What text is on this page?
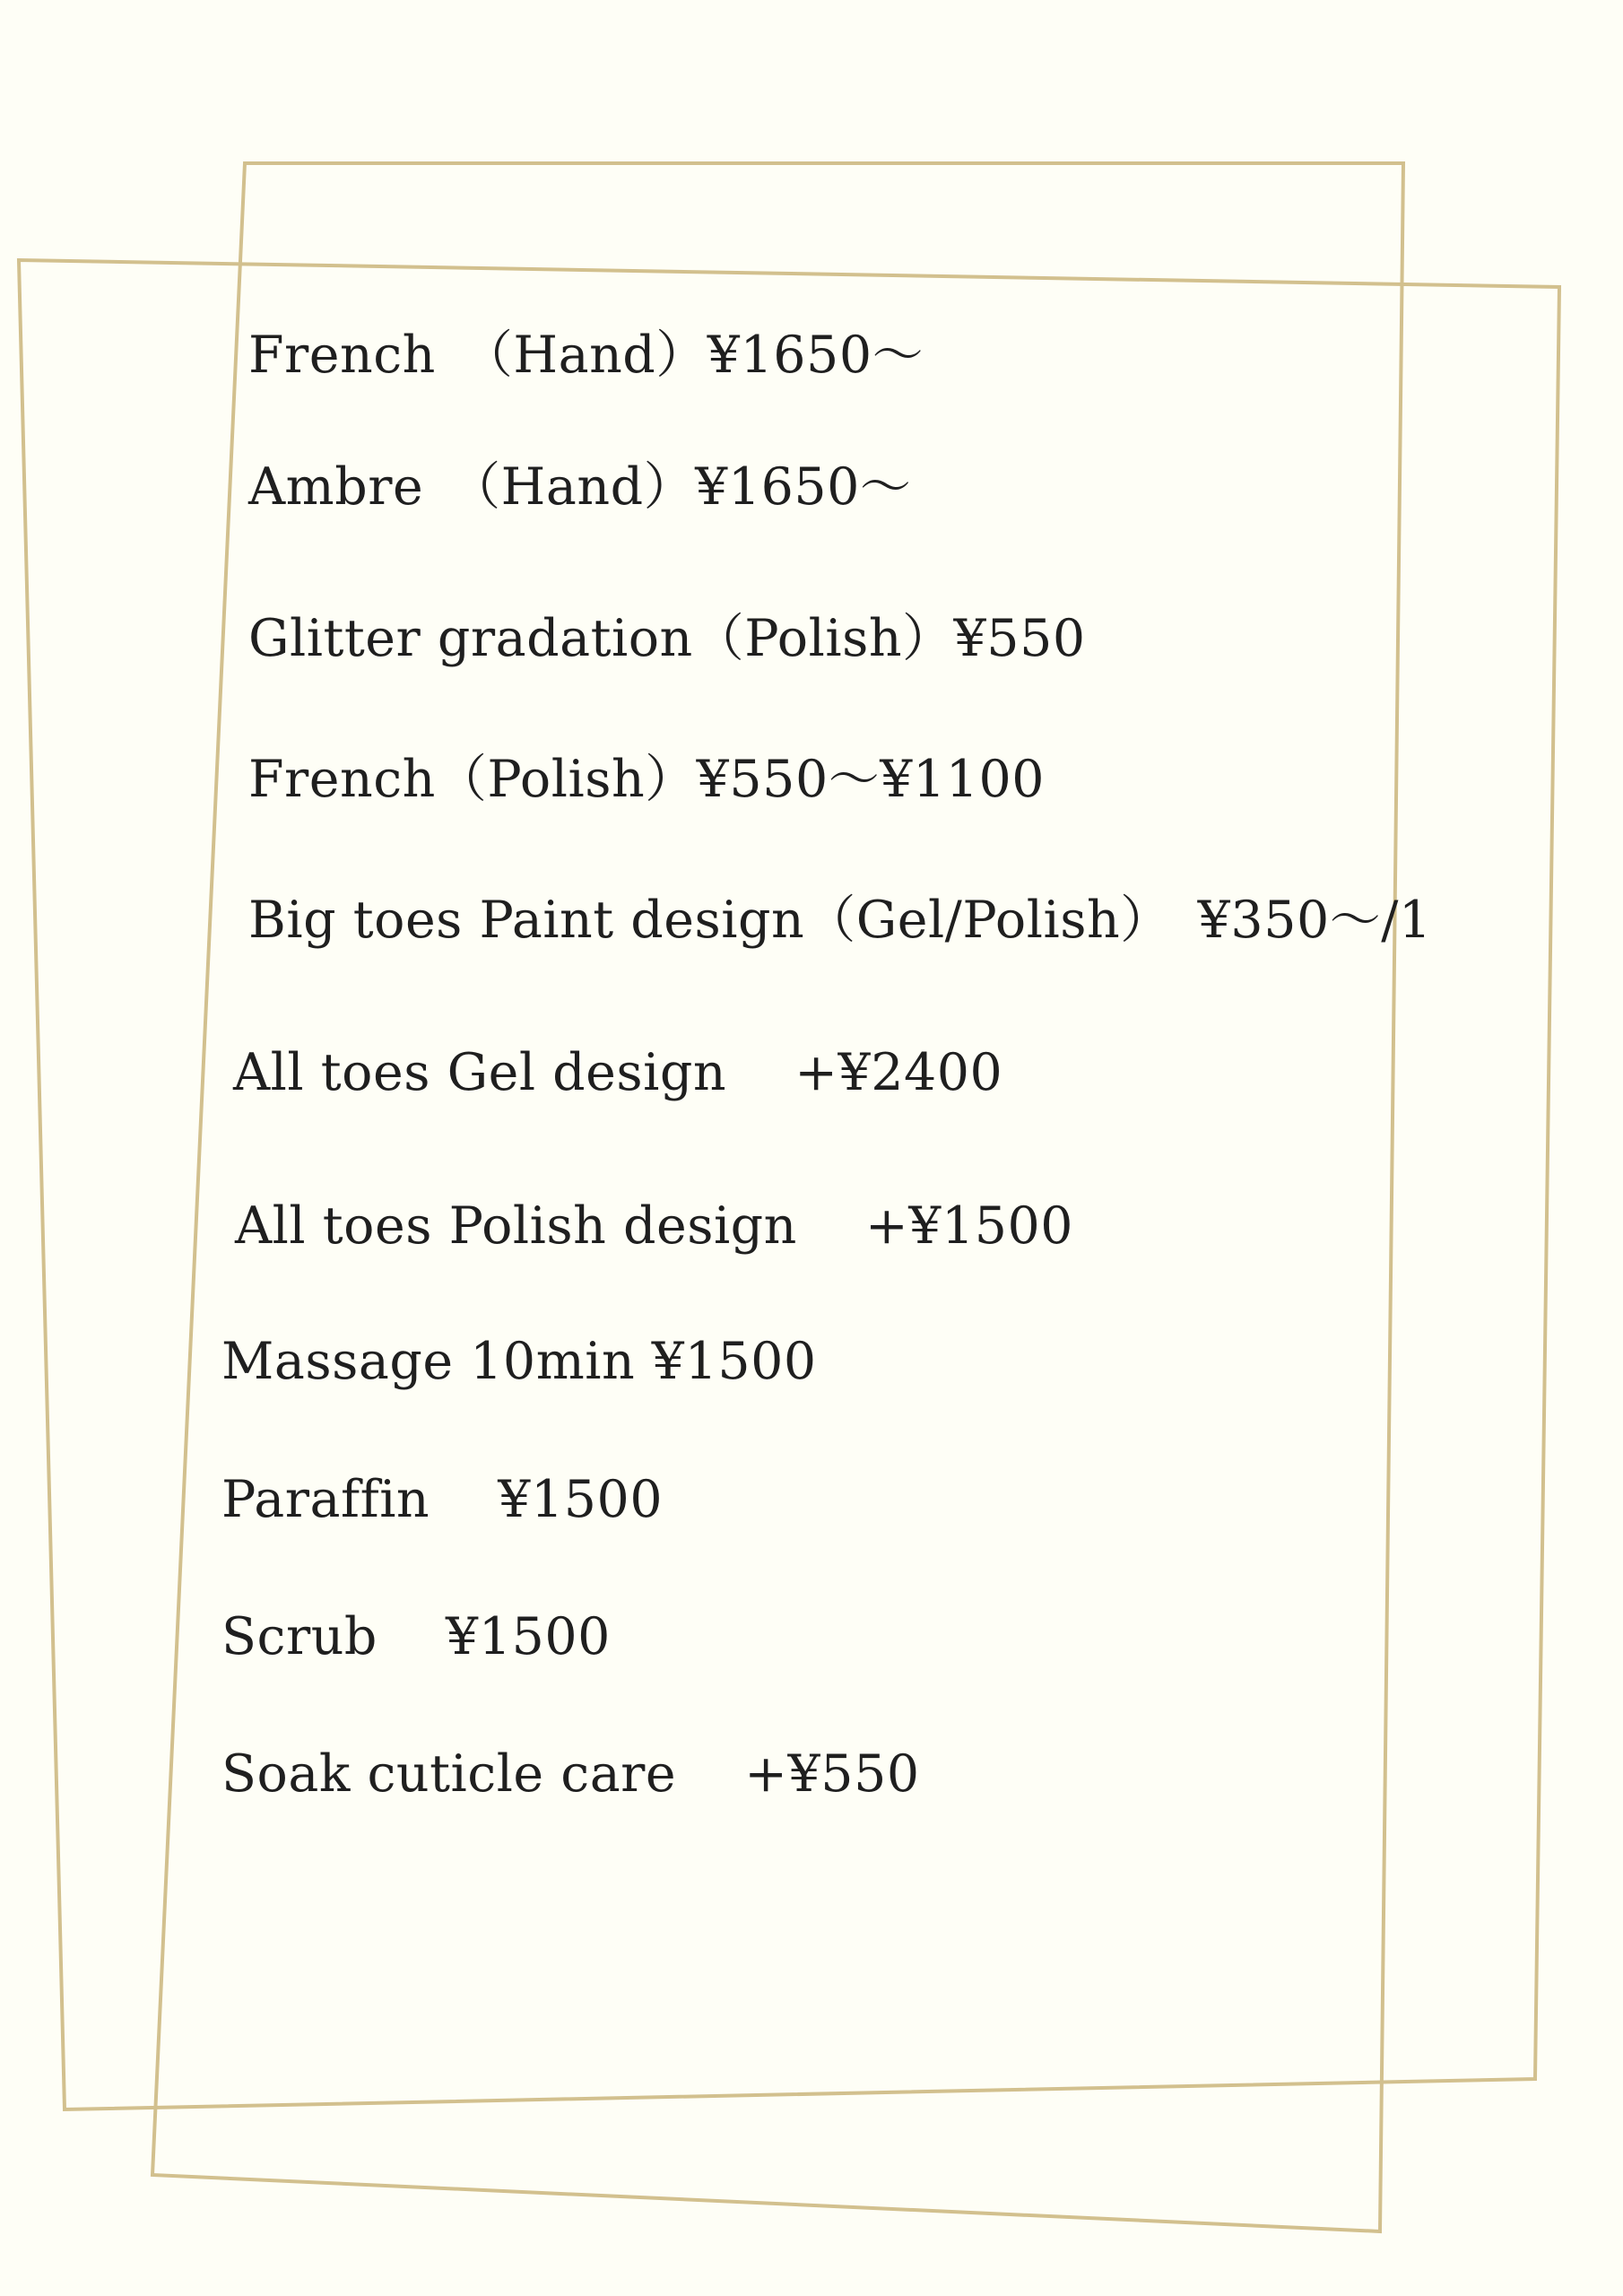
French　（Hand）¥1650～
Ambre　（Hand）¥1650～
Glitter gradation（Polish）¥550
French（Polish）¥550～¥1100
Big toes Paint design（Gel/Polish）　¥350～/1
All toes Gel design　 +¥2400
All toes Polish design　 +¥1500
Massage 10min ¥1500
Paraffin　 ¥1500
Scrub　 ¥1500
Soak cuticle care　 +¥550
